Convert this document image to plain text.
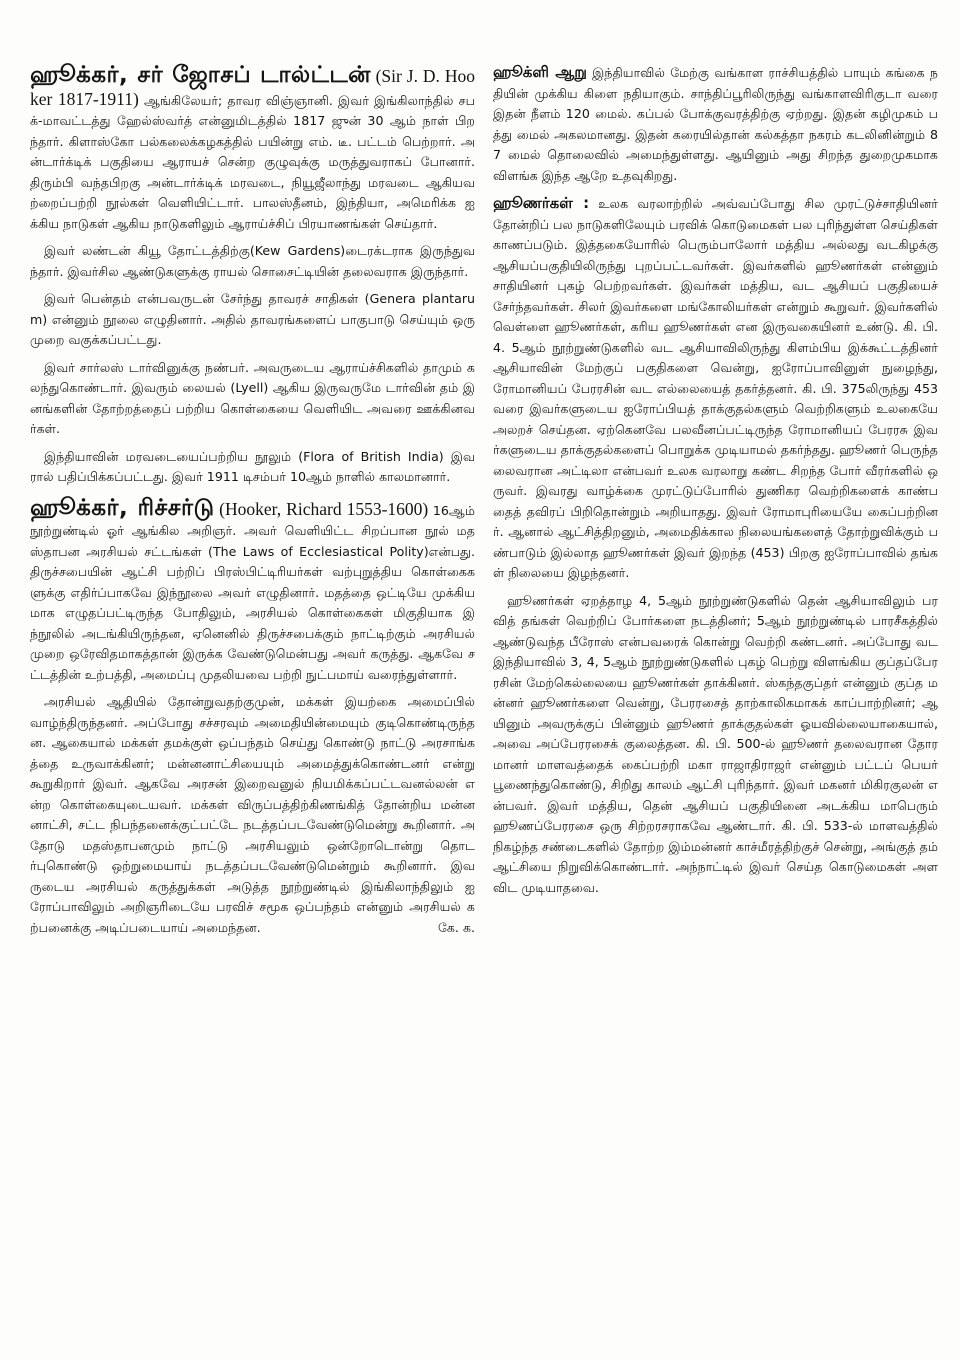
ஹூக்கர், சர் ஜோசப் டால்ட்டன் (Sir J. D. Hooker 1817-1911) ஆங்கிலேயர்; தாவர விஞ்ஞானி. இவர் இங்கிலாந்தில் சபக்-மாவட்டத்து ஹேல்ஸ்வர்த் என்னுமிடத்தில் 1817 ஜுன் 30 ஆம் நாள் பிறந்தார். கிளாஸ்கோ பல்கலைக்கழகத்தில் பயின்று எம். டீ. பட்டம் பெற்றார். அன்டார்க்டிக் பகுதியை ஆராயச் சென்ற குழுவுக்கு மருத்துவராகப் போனார். திரும்பி வந்தபிறகு அன்டார்க்டிக் மரவடை, நியூஜீலாந்து மரவடை ஆகியவற்றைப்பற்றி நூல்கள் வெளியிட்டார். பாலஸ்தீனம், இந்தியா, அமெரிக்க ஐக்கிய நாடுகள் ஆகிய நாடுகளிலும் ஆராய்ச்சிப் பிரயாணங்கள் செய்தார்.

இவர் லண்டன் கியூ தோட்டத்திற்கு(Kew Gardens)டைரக்டராக இருந்துவந்தார். இவர்சில ஆண்டுகளுக்கு ராயல் சொசைட்டியின் தலைவராக இருந்தார்.

இவர் பென்தம் என்பவருடன் சேர்ந்து தாவரச் சாதிகள் (Genera plantarum) என்னும் நூலை எழுதினார். அதில் தாவரங்களைப் பாகுபாடு செய்யும் ஒரு முறை வகுக்கப்பட்டது.

இவர் சார்லஸ் டார்வினுக்கு நண்பர். அவருடைய ஆராய்ச்சிகளில் தாமும் கலந்துகொண்டார். இவரும் லையல் (Lyell) ஆகிய இருவருமே டார்வின் தம் இனங்களின் தோற்றத்தைப் பற்றிய கொள்கையை வெளியிட அவரை ஊக்கினவர்கள்.

இந்தியாவின் மரவடையைப்பற்றிய நூலும் (Flora of British India) இவரால் பதிப்பிக்கப்பட்டது. இவர் 1911 டிசம்பர் 10ஆம் நாளில் காலமானார்.

ஹூக்கர், ரிச்சர்டு (Hooker, Richard 1553-1600) 16ஆம் நூற்றுண்டில் ஓர் ஆங்கில அறிஞர். அவர் வெளியிட்ட சிறப்பான நூல் மத ஸ்தாபன அரசியல் சட்டங்கள் (The Laws of Ecclesiastical Polity)என்பது. திருச்சபையின் ஆட்சி பற்றிப் பிரஸ்பிட்டிரியர்கள் வற்புறுத்திய கொள்கைகளுக்கு எதிர்ப்பாகவே இந்நூலை அவர் எழுதினார். மதத்தை ஒட்டியே முக்கியமாக எழுதப்பட்டிருந்த போதிலும், அரசியல் கொள்கைகள் மிகுதியாக இந்நூலில் அடங்கியிருந்தன, ஏனெனில் திருச்சபைக்கும் நாட்டிற்கும் அரசியல் முறை ஒரேவிதமாகத்தான் இருக்க வேண்டுமென்பது அவர் கருத்து. ஆகவே சட்டத்தின் உற்பத்தி, அமைப்பு முதலியவை பற்றி நுட்பமாய் வரைந்துள்ளார்.

அரசியல் ஆதியில் தோன்றுவதற்குமுன், மக்கள் இயற்கை அமைப்பில் வாழ்ந்திருந்தனர். அப்போது சச்சரவும் அமைதியின்மையும் குடிகொண்டிருந்தன. ஆகையால் மக்கள் தமக்குள் ஒப்பந்தம் செய்து கொண்டு நாட்டு அரசாங்கத்தை உருவாக்கினர்; மன்னனாட்சியையும் அமைத்துக்கொண்டனர் என்று கூறுகிறார் இவர். ஆகவே அரசன் இறைவனுல் நியமிக்கப்பட்டவனல்லன் என்ற கொள்கையுடையவர். மக்கள் விருப்பத்திற்கிணங்கித் தோன்றிய மன்னனாட்சி, சட்ட நிபந்தனைக்குட்பட்டே நடத்தப்படவேண்டுமென்று கூறினார். அதோடு மதஸ்தாபனமும் நாட்டு அரசியலும் ஒன்றோடொன்று தொடர்புகொண்டு ஒற்றுமையாய் நடத்தப்படவேண்டுமென்றும் கூறினார். இவருடைய அரசியல் கருத்துக்கள் அடுத்த நூற்றுண்டில் இங்கிலாந்திலும் ஐரோப்பாவிலும் அறிஞரிடையே பரவிச் சமூக ஒப்பந்தம் என்னும் அரசியல் கற்பனைக்கு அடிப்படையாய் அமைந்தன.	கே. க.

ஹூக்ளி ஆறு இந்தியாவில் மேற்கு வங்காள ராச்சியத்தில் பாயும் கங்கை நதியின் முக்கிய கிளை நதியாகும். சாந்திப்பூரிலிருந்து வங்காளவிரிகுடா வரை இதன் நீளம் 120 மைல். கப்பல் போக்குவரத்திற்கு ஏற்றது. இதன் கழிமுகம் பத்து மைல் அகலமானது. இதன் கரையில்தான் கல்கத்தா நகரம் கடலினின்றும் 87 மைல் தொலைவில் அமைந்துள்ளது. ஆயினும் அது சிறந்த துறைமுகமாக விளங்க இந்த ஆறே உதவுகிறது.

ஹூணர்கள் : உலக வரலாற்றில் அவ்வப்போது சில முரட்டுச்சாதியினர் தோன்றிப் பல நாடுகளிலேயும் பரவிக் கொடுமைகள் பல புரிந்துள்ள செய்திகள் காணப்படும். இத்தகையோரில் பெரும்பாலோர் மத்திய அல்லது வடகிழக்கு ஆசியப்பகுதியிலிருந்து புறப்பட்டவர்கள். இவர்களில் ஹூணர்கள் என்னும் சாதியினர் புகழ் பெற்றவர்கள். இவர்கள் மத்திய, வட ஆசியப் பகுதியைச் சேர்ந்தவர்கள். சிலர் இவர்களை மங்கோலியர்கள் என்றும் கூறுவர். இவர்களில் வெள்ளை ஹூணர்கள், கரிய ஹூணர்கள் என இருவகையினர் உண்டு. கி. பி. 4. 5ஆம் நூற்றுண்டுகளில் வட ஆசியாவிலிருந்து கிளம்பிய இக்கூட்டத்தினர் ஆசியாவின் மேற்குப் பகுதிகளை வென்று, ஐரோப்பாவினுள் நுழைந்து, ரோமானியப் பேரரசின் வட எல்லையைத் தகர்த்தனர். கி. பி. 375லிருந்து 453வரை இவர்களுடைய ஐரோப்பியத் தாக்குதல்களும் வெற்றிகளும் உலகையே அலறச் செய்தன. ஏற்கெனவே பலவீனப்பட்டிருந்த ரோமானியப் பேரரசு இவர்களுடைய தாக்குதல்களைப் பொறுக்க முடியாமல் தகர்ந்தது. ஹூணர் பெருந்தலைவரான அட்டிலா என்பவர் உலக வரலாறு கண்ட சிறந்த போர் வீரர்களில் ஒருவர். இவரது வாழ்க்கை முரட்டுப்போரில் துணிகர வெற்றிகளைக் காண்பதைத் தவிரப் பிறிதொன்றும் அறியாதது. இவர் ரோமாபுரியையே கைப்பற்றினர். ஆனால் ஆட்சித்திறனும், அமைதிக்கால நிலையங்களைத் தோற்றுவிக்கும் பண்பாடும் இல்லாத ஹூணர்கள் இவர் இறந்த (453) பிறகு ஐரோப்பாவில் தங்கள் நிலையை இழந்தனர்.

ஹூணர்கள் ஏறத்தாழ 4, 5ஆம் நூற்றுண்டுகளில் தென் ஆசியாவிலும் பரவித் தங்கள் வெற்றிப் போர்களை நடத்தினர்; 5ஆம் நூற்றுண்டில் பாரசீகத்தில் ஆண்டுவந்த பீரோஸ் என்பவரைக் கொன்று வெற்றி கண்டனர். அப்போது வடஇந்தியாவில் 3, 4, 5ஆம் நூற்றுண்டுகளில் புகழ் பெற்று விளங்கிய குப்தப்பேரரசின் மேற்கெல்லையை ஹூணர்கள் தாக்கினர். ஸ்கந்தகுப்தர் என்னும் குப்த மன்னர் ஹூணர்களை வென்று, பேரரசைத் தாற்காலிகமாகக் காப்பாற்றினர்; ஆயினும் அவருக்குப் பின்னும் ஹூணர் தாக்குதல்கள் ஓயவில்லையாகையால், அவை அப்பேரரசைக் குலைத்தன. கி. பி. 500-ல் ஹூணர் தலைவரான தோரமானர் மாளவத்தைக் கைப்பற்றி மகா ராஜாதிராஜர் என்னும் பட்டப் பெயர் பூணைந்துகொண்டு, சிறிது காலம் ஆட்சி புரிந்தார். இவர் மகனர் மிகிரகுலன் என்பவர். இவர் மத்திய, தென் ஆசியப் பகுதியினை அடக்கிய மாபெரும் ஹூணப்பேரரசை ஒரு சிற்றரசராகவே ஆண்டார். கி. பி. 533-ல் மாளவத்தில் நிகழ்ந்த சண்டைகளில் தோற்ற இம்மன்னர் காச்மீரத்திற்குச் சென்று, அங்குத் தம் ஆட்சியை நிறுவிக்கொண்டார். அந்நாட்டில் இவர் செய்த கொடுமைகள் அளவிட முடியாதவை.
